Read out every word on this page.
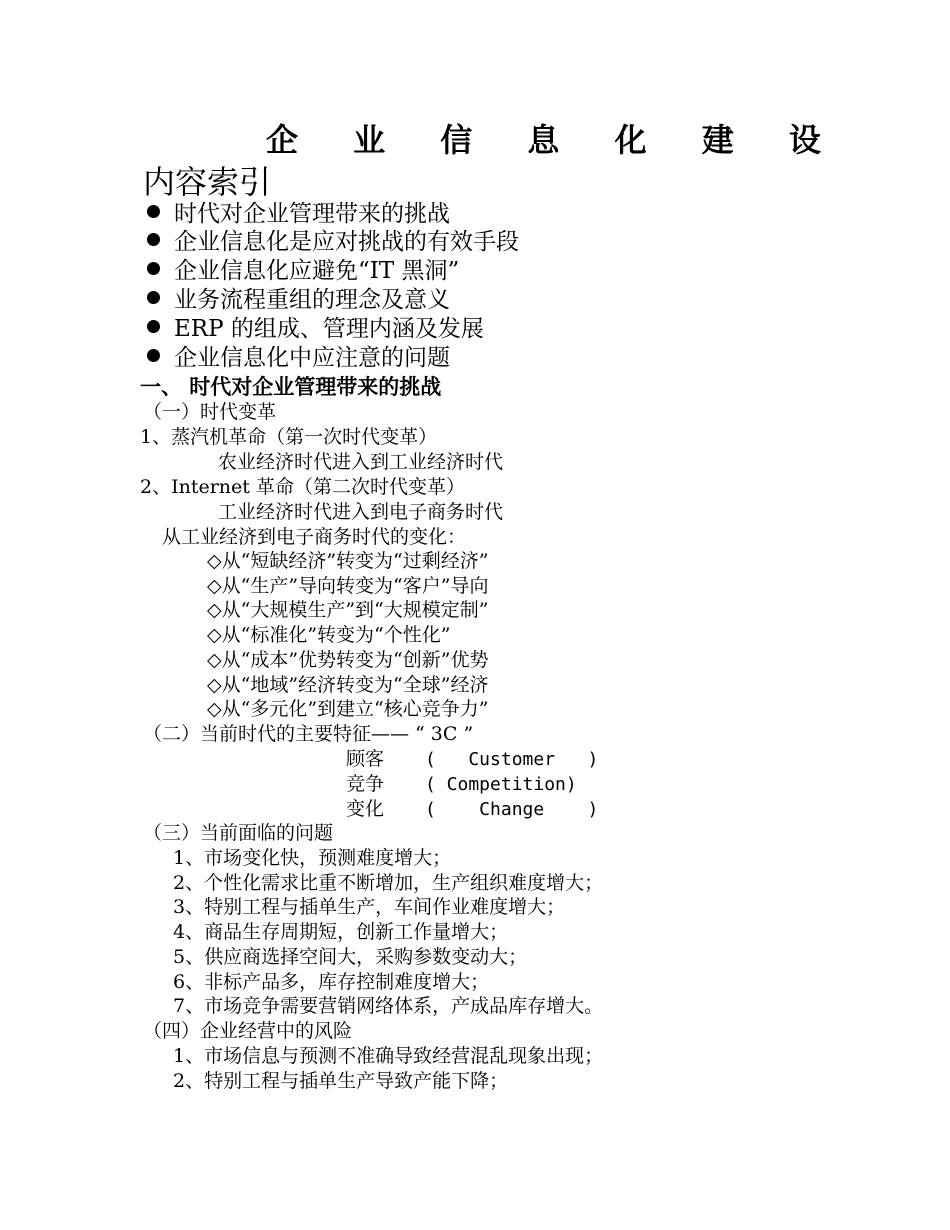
企 业 信 息 化 建 设
内容索引
时代对企业管理带来的挑战
企业信息化是应对挑战的有效手段
企业信息化应避免“IT 黑洞”
业务流程重组的理念及意义
ERP 的组成、管理内涵及发展
企业信息化中应注意的问题
一、 时代对企业管理带来的挑战
（一）时代变革
1、蒸汽机革命（第一次时代变革）
农业经济时代进入到工业经济时代
2、Internet 革命（第二次时代变革）
工业经济时代进入到电子商务时代
从工业经济到电子商务时代的变化：
◇从“短缺经济”转变为“过剩经济”
◇从“生产”导向转变为“客户”导向
◇从“大规模生产”到“大规模定制”
◇从“标准化”转变为“个性化”
◇从“成本”优势转变为“创新”优势
◇从“地域”经济转变为“全球”经济
◇从“多元化”到建立“核心竞争力”
（二）当前时代的主要特征—— “ 3C ”
顾客 (   Customer   )
竞争 ( Competition)
变化 (    Change    )
（三）当前面临的问题
1、市场变化快，预测难度增大；
2、个性化需求比重不断增加，生产组织难度增大；
3、特别工程与插单生产，车间作业难度增大；
4、商品生存周期短，创新工作量增大；
5、供应商选择空间大，采购参数变动大；
6、非标产品多，库存控制难度增大；
7、市场竞争需要营销网络体系，产成品库存增大。
（四）企业经营中的风险
1、市场信息与预测不准确导致经营混乱现象出现；
2、特别工程与插单生产导致产能下降；
